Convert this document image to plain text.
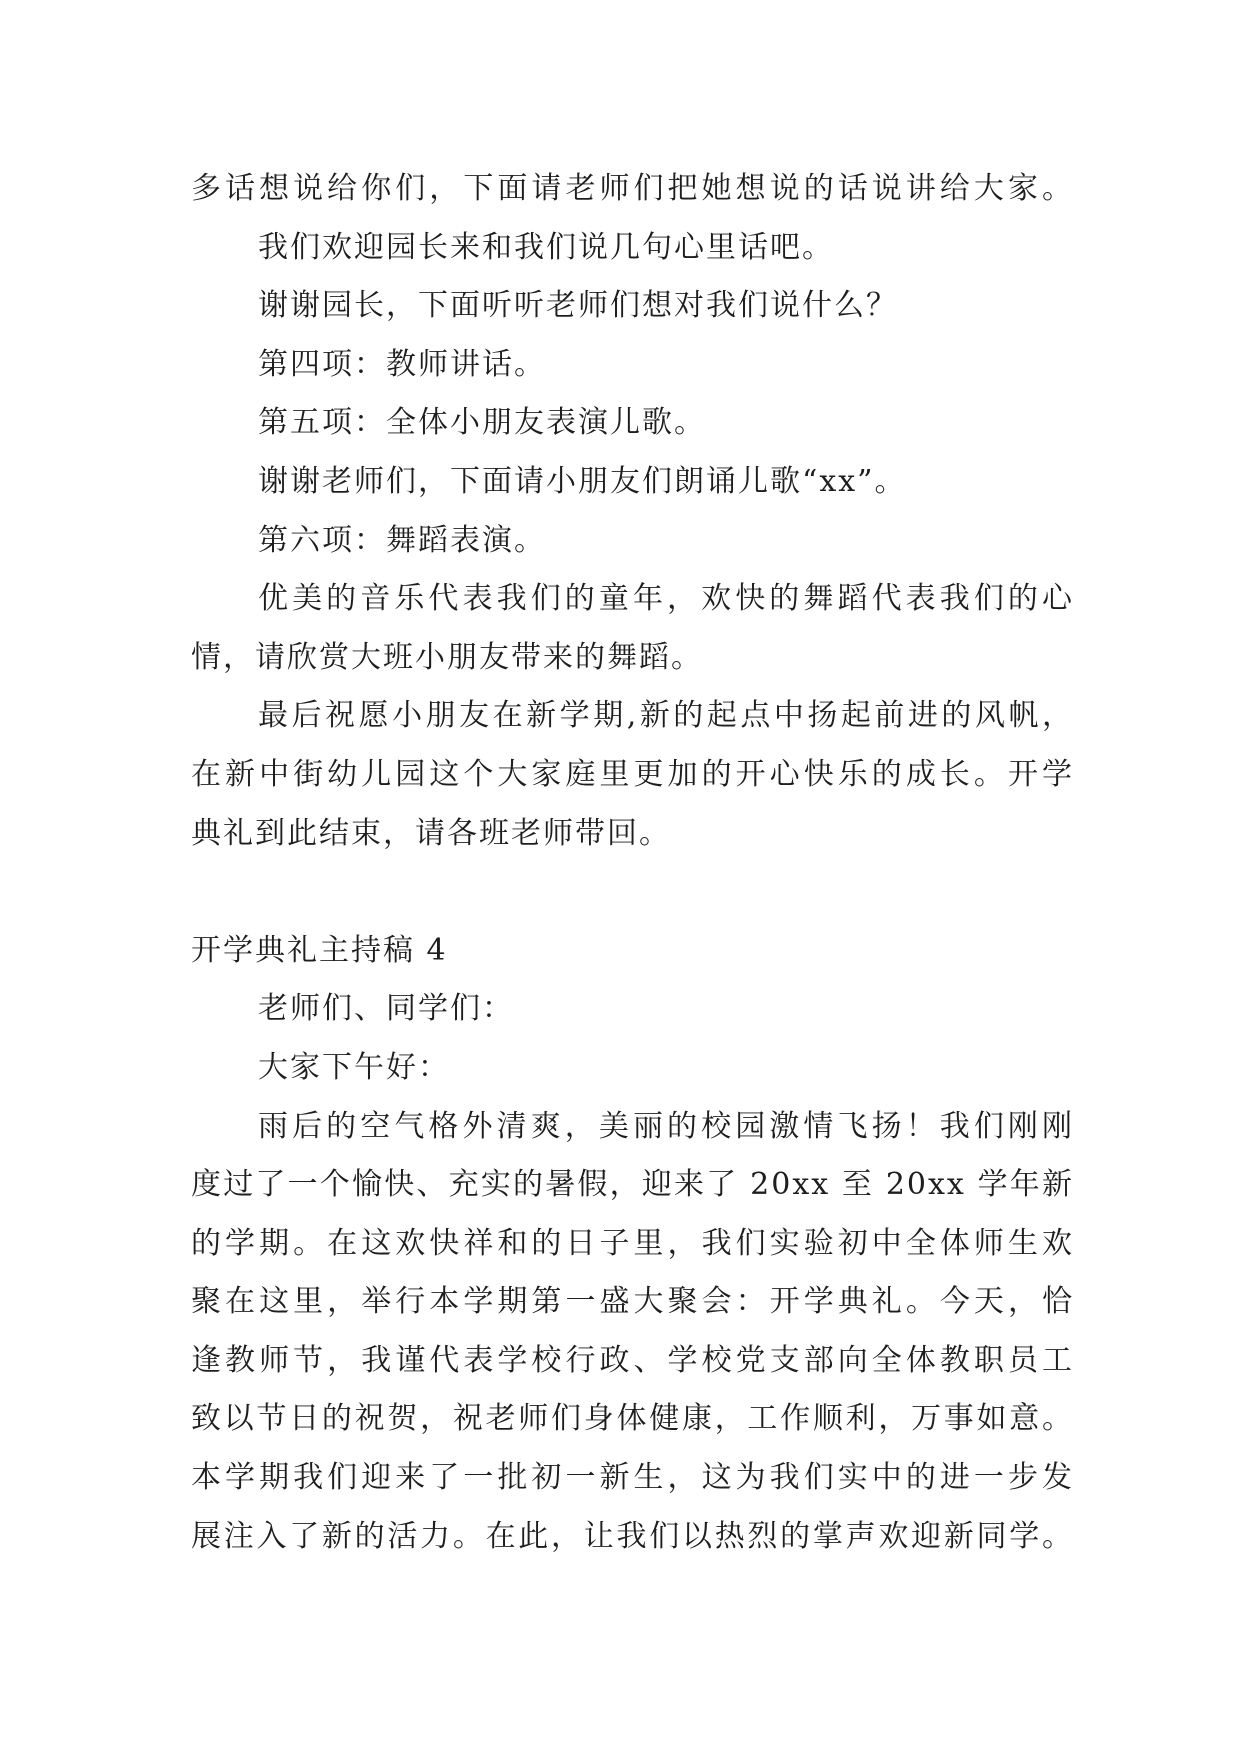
多话想说给你们，下面请老师们把她想说的话说讲给大家。
我们欢迎园长来和我们说几句心里话吧。
谢谢园长，下面听听老师们想对我们说什么？
第四项：教师讲话。
第五项：全体小朋友表演儿歌。
谢谢老师们，下面请小朋友们朗诵儿歌“xx”。
第六项：舞蹈表演。
优美的音乐代表我们的童年，欢快的舞蹈代表我们的心
情，请欣赏大班小朋友带来的舞蹈。
最后祝愿小朋友在新学期,新的起点中扬起前进的风帆，
在新中街幼儿园这个大家庭里更加的开心快乐的成长。开学
典礼到此结束，请各班老师带回。
开学典礼主持稿 4
老师们、同学们：
大家下午好：
雨后的空气格外清爽，美丽的校园激情飞扬！我们刚刚
度过了一个愉快、充实的暑假，迎来了 20xx 至 20xx 学年新
的学期。在这欢快祥和的日子里，我们实验初中全体师生欢
聚在这里，举行本学期第一盛大聚会：开学典礼。今天，恰
逢教师节，我谨代表学校行政、学校党支部向全体教职员工
致以节日的祝贺，祝老师们身体健康，工作顺利，万事如意。
本学期我们迎来了一批初一新生，这为我们实中的进一步发
展注入了新的活力。在此，让我们以热烈的掌声欢迎新同学。
